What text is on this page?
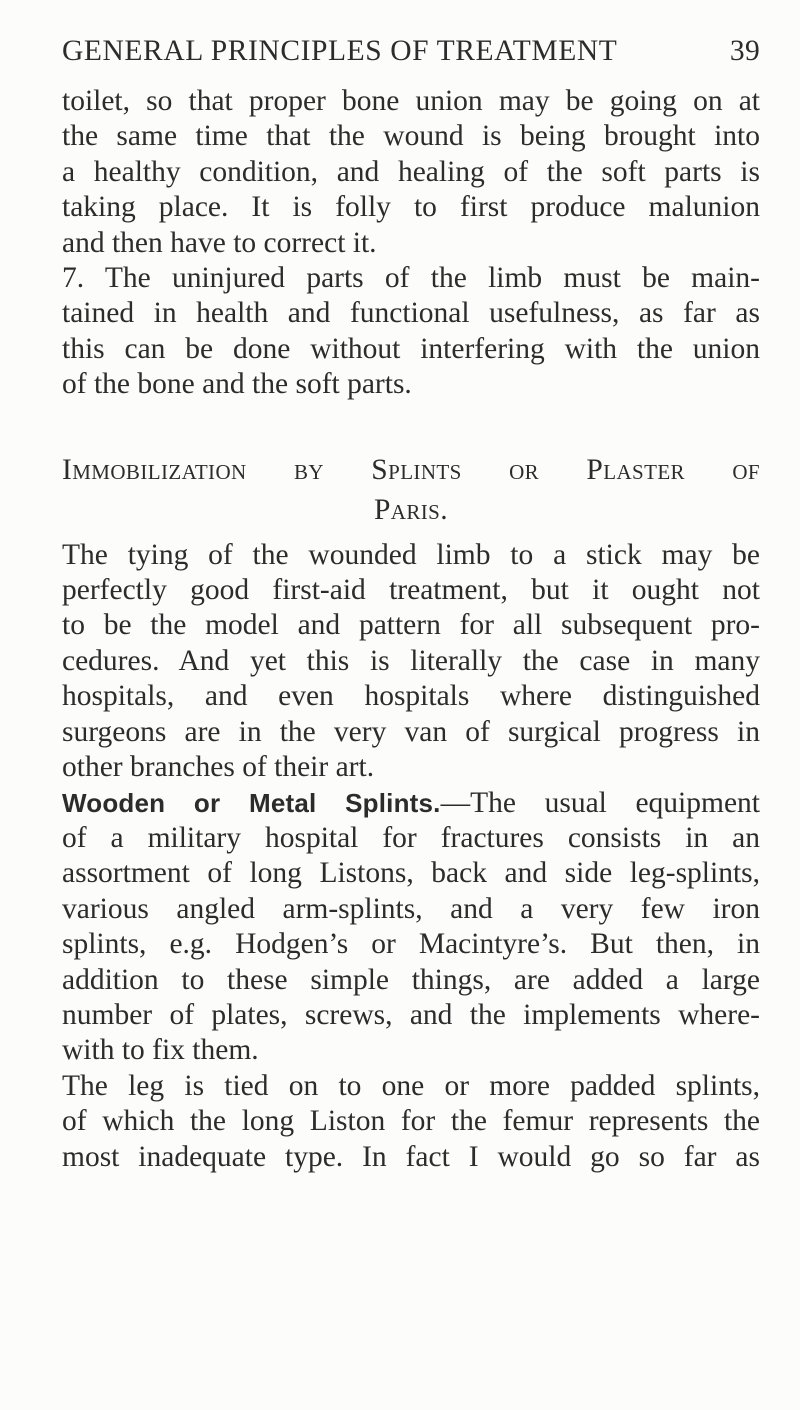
GENERAL PRINCIPLES OF TREATMENT	39
toilet, so that proper bone union may be going on at
the same time that the wound is being brought into
a healthy condition, and healing of the soft parts is
taking place. It is folly to first produce malunion
and then have to correct it.
7. The uninjured parts of the limb must be main-
tained in health and functional usefulness, as far as
this can be done without interfering with the union
of the bone and the soft parts.
Immobilization by Splints or Plaster of
Paris.
The tying of the wounded limb to a stick may be
perfectly good first-aid treatment, but it ought not
to be the model and pattern for all subsequent pro-
cedures. And yet this is literally the case in many
hospitals, and even hospitals where distinguished
surgeons are in the very van of surgical progress in
other branches of their art.
Wooden or Metal Splints.—The usual equipment
of a military hospital for fractures consists in an
assortment of long Listons, back and side leg-splints,
various angled arm-splints, and a very few iron
splints, e.g. Hodgen’s or Macintyre’s. But then, in
addition to these simple things, are added a large
number of plates, screws, and the implements where-
with to fix them.
The leg is tied on to one or more padded splints,
of which the long Liston for the femur represents the
most inadequate type. In fact I would go so far as
